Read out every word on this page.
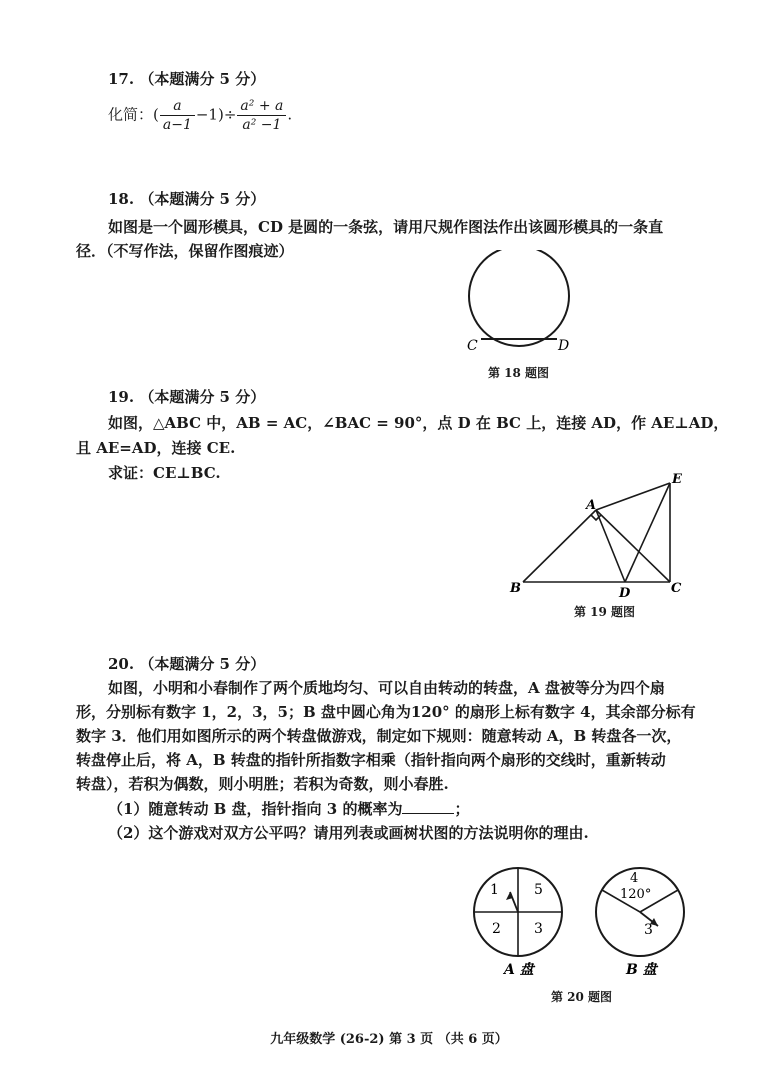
17. （本题满分 5 分）
化简：( $\frac{a}{a-1} -1)\div \frac{\text{a² + a}}{\text{a² −1}}$ .
18. （本题满分 5 分）
如图是一个圆形模具，CD 是圆的一条弦，请用尺规作图法作出该圆形模具的一条直
径．（不写作法，保留作图痕迹）
C	D
第 18 题图
19. （本题满分 5 分）
如图，△ABC 中，AB = AC，∠BAC = 90°，点 D 在 BC 上，连接 AD，作 AE⊥AD，
且 AE=AD，连接 CE.
求证：CE⊥BC.
A
B	C
D
E
第 19 题图
20. （本题满分 5 分）
如图，小明和小春制作了两个质地均匀、可以自由转动的转盘，A 盘被等分为四个扇
形，分别标有数字 1，2，3，5；B 盘中圆心角为120° 的扇形上标有数字 4，其余部分标有
数字 3．他们用如图所示的两个转盘做游戏，制定如下规则：随意转动 A，B 转盘各一次，
转盘停止后，将 A，B 转盘的指针所指数字相乘（指针指向两个扇形的交线时，重新转动
转盘），若积为偶数，则小明胜；若积为奇数，则小春胜.
（1）随意转动 B 盘，指针指向 3 的概率为	；
（2）这个游戏对双方公平吗？请用列表或画树状图的方法说明你的理由.
1	5
2 3
A 盘
4
120°
3
B 盘
第 20 题图
九年级数学 (26-2) 第 3 页 （共 6 页）
